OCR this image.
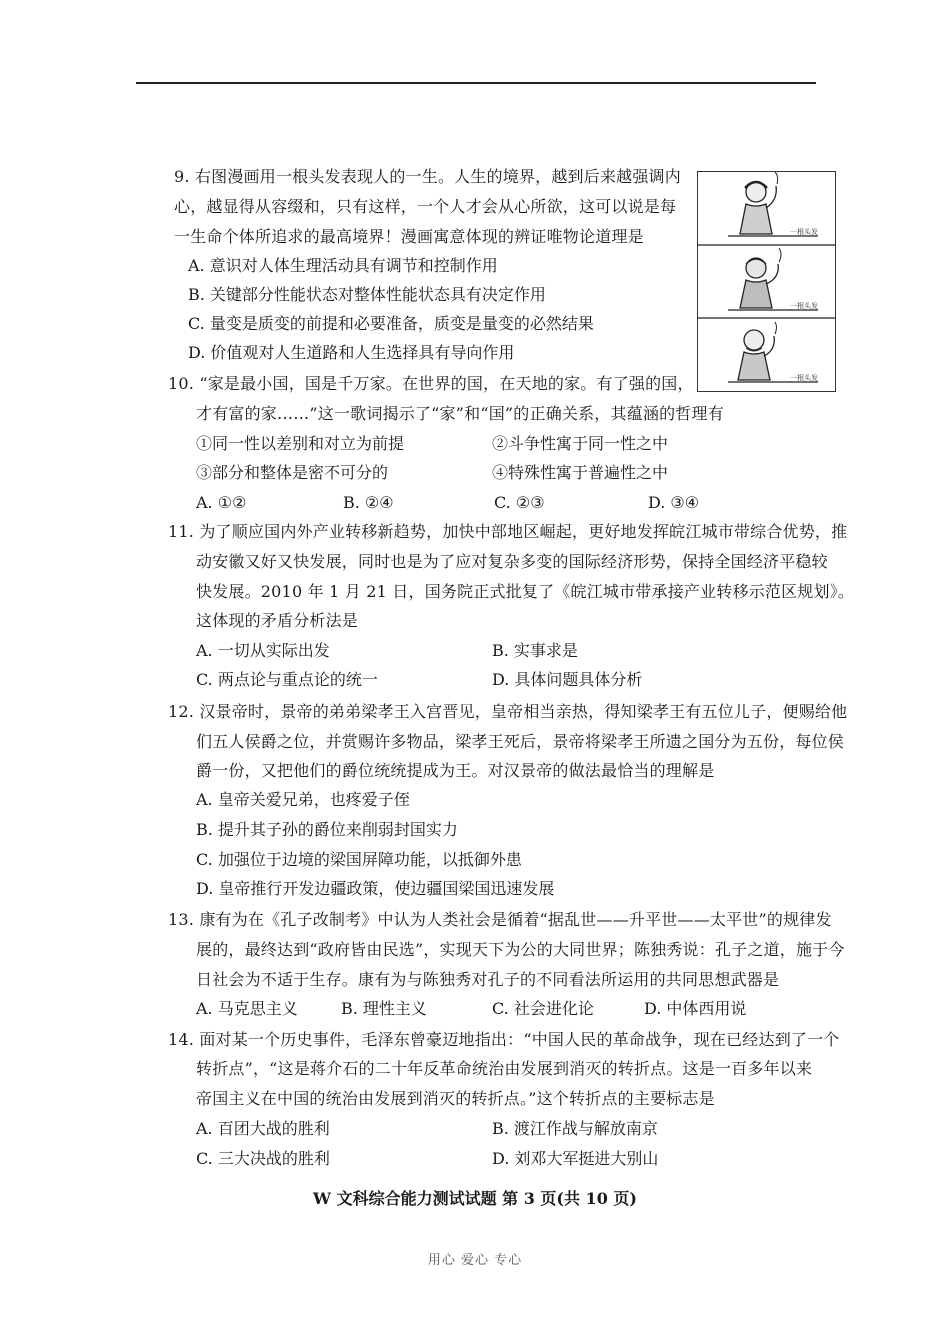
一根头发
一根头发
一根头发
9. 右图漫画用一根头发表现人的一生。人生的境界，越到后来越强调内
心，越显得从容缀和，只有这样，一个人才会从心所欲，这可以说是每
一生命个体所追求的最高境界！漫画寓意体现的辨证唯物论道理是
A. 意识对人体生理活动具有调节和控制作用
B. 关键部分性能状态对整体性能状态具有决定作用
C. 量变是质变的前提和必要准备，质变是量变的必然结果
D. 价值观对人生道路和人生选择具有导向作用
10. “家是最小国，国是千万家。在世界的国，在天地的家。有了强的国，
才有富的家……”这一歌词揭示了“家”和“国”的正确关系，其蕴涵的哲理有
①同一性以差别和对立为前提	②斗争性寓于同一性之中
③部分和整体是密不可分的	④特殊性寓于普遍性之中
A. ①②	B. ②④	C. ②③	D. ③④
11. 为了顺应国内外产业转移新趋势，加快中部地区崛起，更好地发挥皖江城市带综合优势，推
动安徽又好又快发展，同时也是为了应对复杂多变的国际经济形势，保持全国经济平稳较
快发展。2010 年 1 月 21 日，国务院正式批复了《皖江城市带承接产业转移示范区规划》。
这体现的矛盾分析法是
A. 一切从实际出发	B. 实事求是
C. 两点论与重点论的统一	D. 具体问题具体分析
12. 汉景帝时，景帝的弟弟梁孝王入宫晋见，皇帝相当亲热，得知梁孝王有五位儿子，便赐给他
们五人侯爵之位，并赏赐许多物品，梁孝王死后，景帝将梁孝王所遗之国分为五份，每位侯
爵一份，又把他们的爵位统统提成为王。对汉景帝的做法最恰当的理解是
A. 皇帝关爱兄弟，也疼爱子侄
B. 提升其子孙的爵位来削弱封国实力
C. 加强位于边境的梁国屏障功能，以抵御外患
D. 皇帝推行开发边疆政策，使边疆国梁国迅速发展
13. 康有为在《孔子改制考》中认为人类社会是循着“据乱世——升平世——太平世”的规律发
展的，最终达到“政府皆由民选”，实现天下为公的大同世界；陈独秀说：孔子之道，施于今
日社会为不适于生存。康有为与陈独秀对孔子的不同看法所运用的共同思想武器是
A. 马克思主义	B. 理性主义	C. 社会进化论	D. 中体西用说
14. 面对某一个历史事件，毛泽东曾豪迈地指出：“中国人民的革命战争，现在已经达到了一个
转折点”，“这是蒋介石的二十年反革命统治由发展到消灭的转折点。这是一百多年以来
帝国主义在中国的统治由发展到消灭的转折点。”这个转折点的主要标志是
A. 百团大战的胜利	B. 渡江作战与解放南京
C. 三大决战的胜利	D. 刘邓大军挺进大别山
W 文科综合能力测试试题 第 3 页(共 10 页)
用心 爱心 专心
